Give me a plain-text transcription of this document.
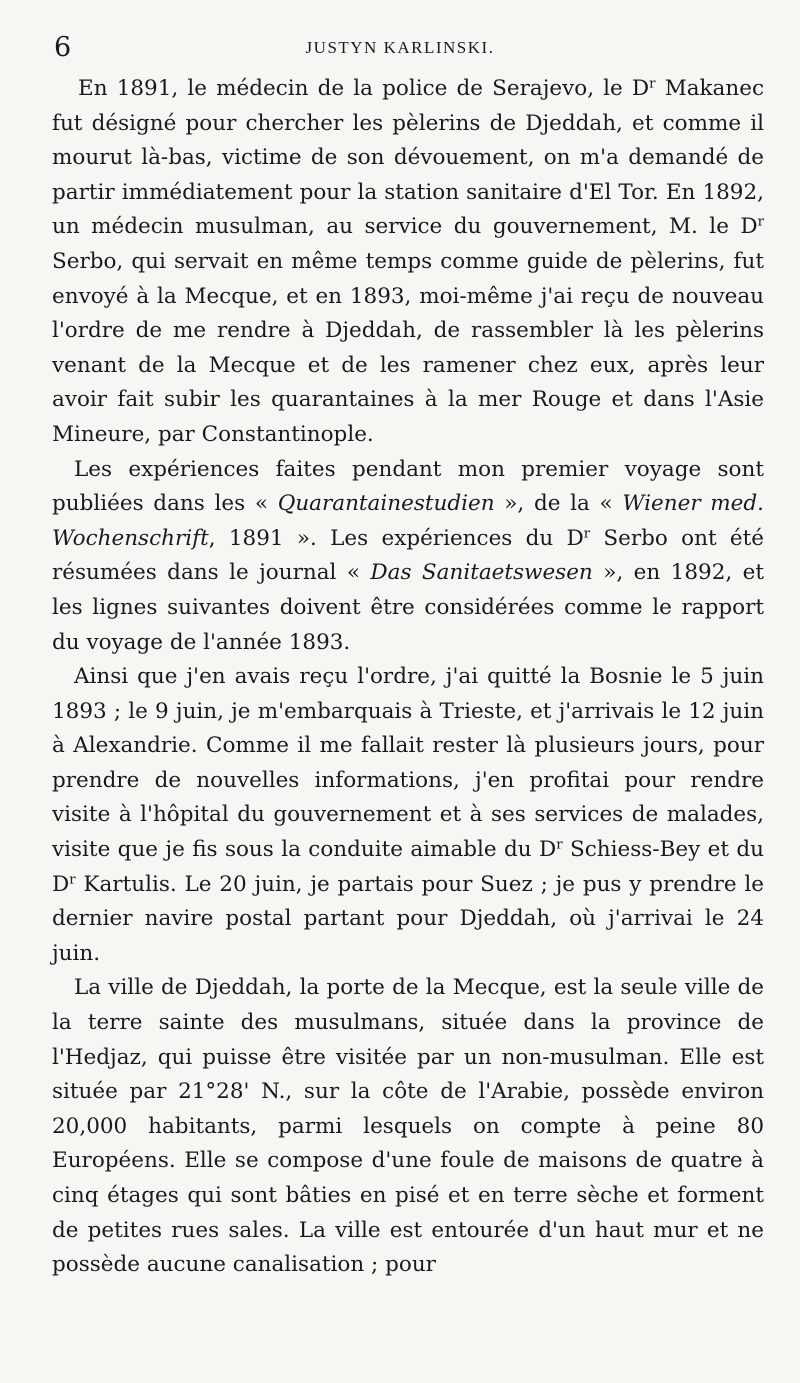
6	JUSTYN KARLINSKI.

En 1891, le médecin de la police de Serajevo, le $D^r$ Makanec fut désigné pour chercher les pèlerins de Djeddah, et comme il mourut là-bas, victime de son dévouement, on m'a demandé de partir immédiatement pour la station sanitaire d'El Tor. En 1892, un médecin musulman, au service du gouvernement, M. le $D^r$ Serbo, qui servait en même temps comme guide de pèlerins, fut envoyé à la Mecque, et en 1893, moi-même j'ai reçu de nouveau l'ordre de me rendre à Djeddah, de rassembler là les pèlerins venant de la Mecque et de les ramener chez eux, après leur avoir fait subir les quarantaines à la mer Rouge et dans l'Asie Mineure, par Constantinople.

Les expériences faites pendant mon premier voyage sont publiées dans les « Quarantainestudien », de la « Wiener med. Wochenschrift, 1891 ». Les expériences du $D^r$ Serbo ont été résumées dans le journal « Das Sanitaetswesen », en 1892, et les lignes suivantes doivent être considérées comme le rapport du voyage de l'année 1893.

Ainsi que j'en avais reçu l'ordre, j'ai quitté la Bosnie le 5 juin 1893 ; le 9 juin, je m'embarquais à Trieste, et j'arrivais le 12 juin à Alexandrie. Comme il me fallait rester là plusieurs jours, pour prendre de nouvelles informations, j'en profitai pour rendre visite à l'hôpital du gouvernement et à ses services de malades, visite que je fis sous la conduite aimable du $D^r$ Schiess-Bey et du $D^r$ Kartulis. Le 20 juin, je partais pour Suez ; je pus y prendre le dernier navire postal partant pour Djeddah, où j'arrivai le 24 juin.

La ville de Djeddah, la porte de la Mecque, est la seule ville de la terre sainte des musulmans, située dans la province de l'Hedjaz, qui puisse être visitée par un non-musulman. Elle est située par 21°28' N., sur la côte de l'Arabie, possède environ 20,000 habitants, parmi lesquels on compte à peine 80 Européens. Elle se compose d'une foule de maisons de quatre à cinq étages qui sont bâties en pisé et en terre sèche et forment de petites rues sales. La ville est entourée d'un haut mur et ne possède aucune canalisation ; pour
